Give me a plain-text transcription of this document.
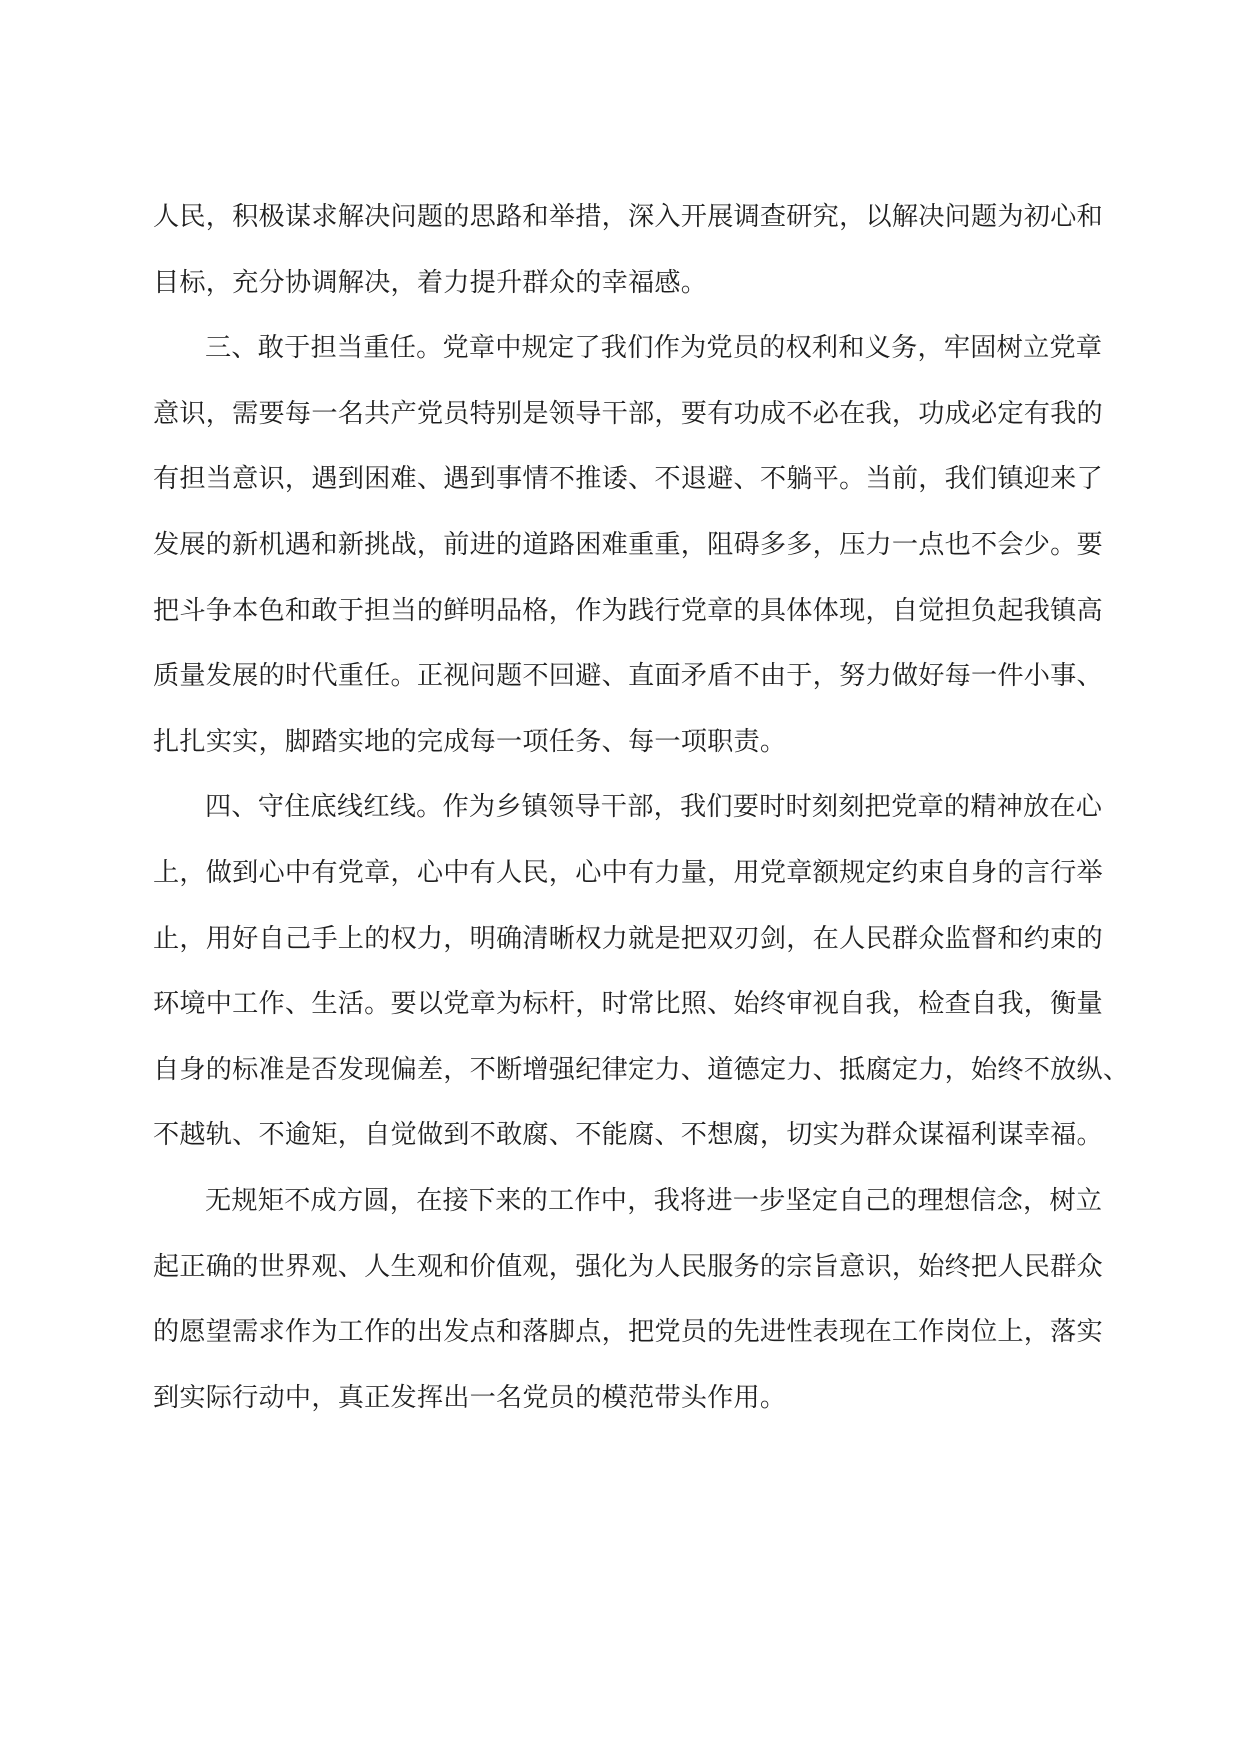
人民，积极谋求解决问题的思路和举措，深入开展调查研究，以解决问题为初心和
目标，充分协调解决，着力提升群众的幸福感。

三、敢于担当重任。党章中规定了我们作为党员的权利和义务，牢固树立党章
意识，需要每一名共产党员特别是领导干部，要有功成不必在我，功成必定有我的
有担当意识，遇到困难、遇到事情不推诿、不退避、不躺平。当前，我们镇迎来了
发展的新机遇和新挑战，前进的道路困难重重，阻碍多多，压力一点也不会少。要
把斗争本色和敢于担当的鲜明品格，作为践行党章的具体体现，自觉担负起我镇高
质量发展的时代重任。正视问题不回避、直面矛盾不由于，努力做好每一件小事、
扎扎实实，脚踏实地的完成每一项任务、每一项职责。

四、守住底线红线。作为乡镇领导干部，我们要时时刻刻把党章的精神放在心
上，做到心中有党章，心中有人民，心中有力量，用党章额规定约束自身的言行举
止，用好自己手上的权力，明确清晰权力就是把双刃剑，在人民群众监督和约束的
环境中工作、生活。要以党章为标杆，时常比照、始终审视自我，检查自我，衡量
自身的标准是否发现偏差，不断增强纪律定力、道德定力、抵腐定力，始终不放纵、
不越轨、不逾矩，自觉做到不敢腐、不能腐、不想腐，切实为群众谋福利谋幸福。

无规矩不成方圆，在接下来的工作中，我将进一步坚定自己的理想信念，树立
起正确的世界观、人生观和价值观，强化为人民服务的宗旨意识，始终把人民群众
的愿望需求作为工作的出发点和落脚点，把党员的先进性表现在工作岗位上，落实
到实际行动中，真正发挥出一名党员的模范带头作用。
